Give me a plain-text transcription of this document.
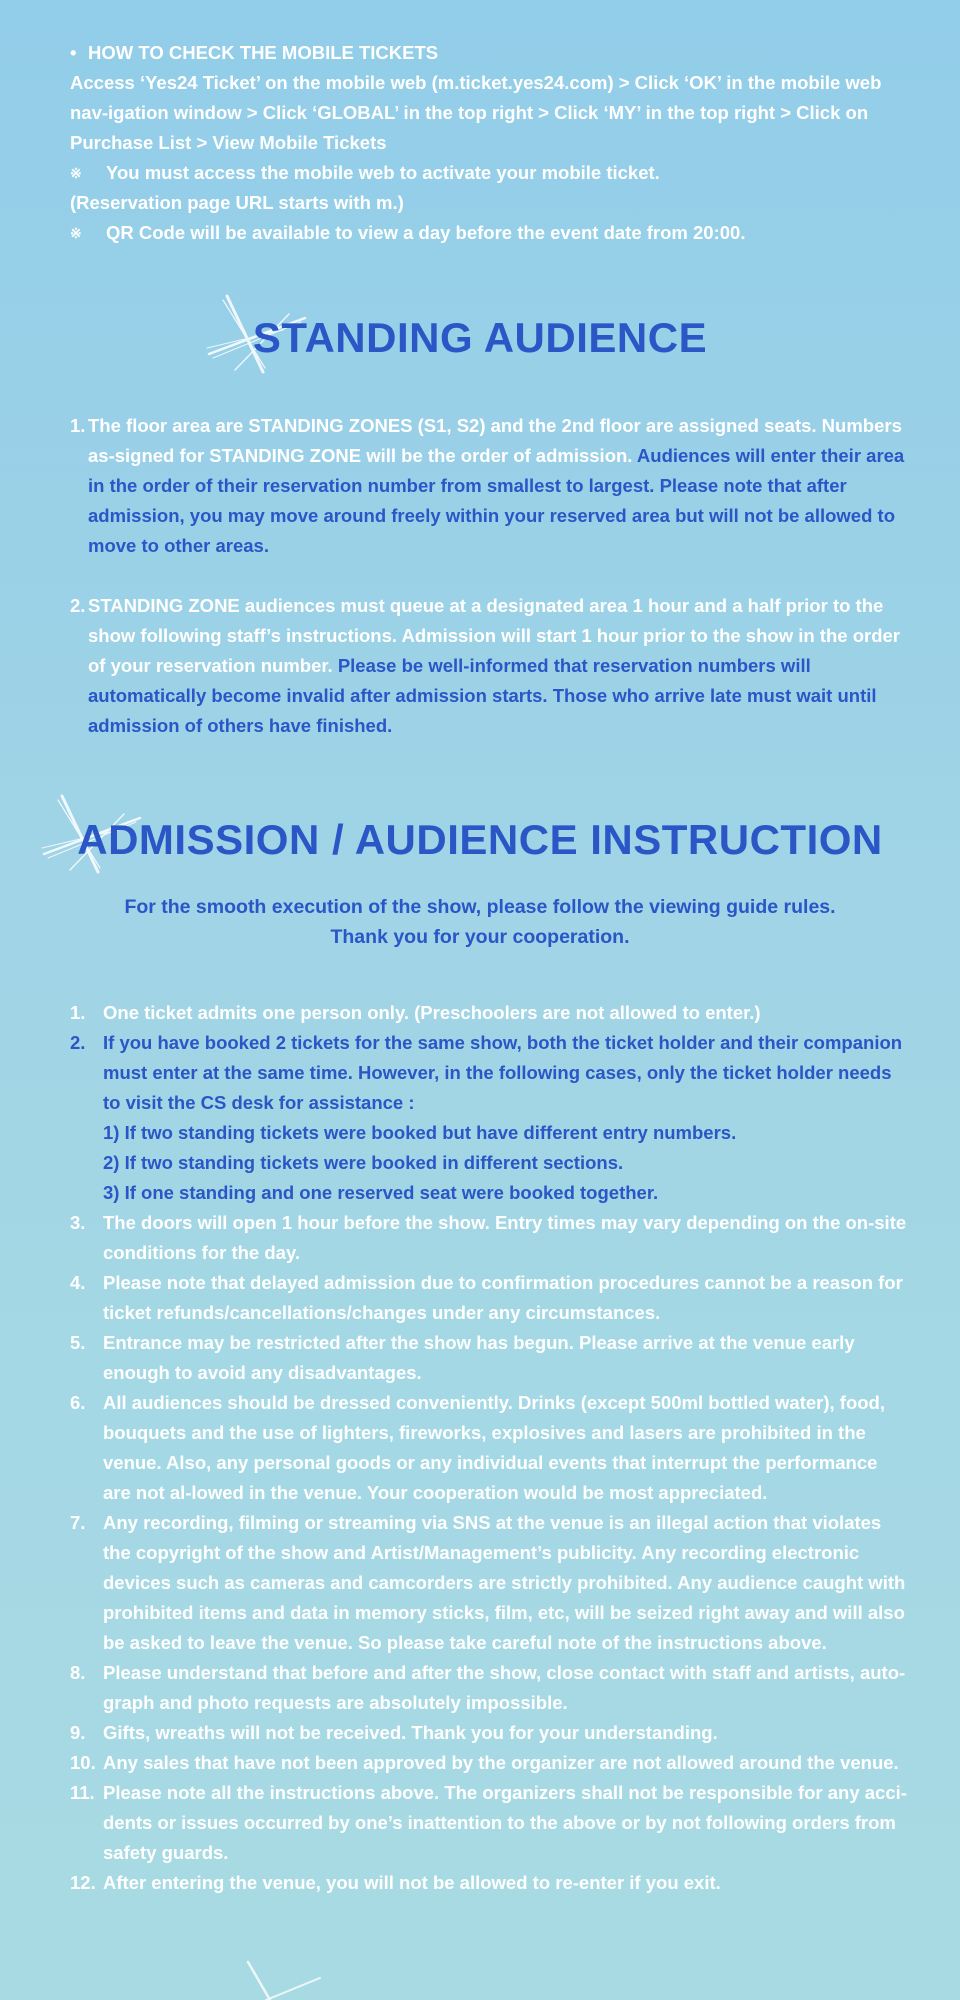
• HOW TO CHECK THE MOBILE TICKETS
Access ‘Yes24 Ticket’ on the mobile web (m.ticket.yes24.com) > Click ‘OK’ in the mobile web nav-igation window > Click ‘GLOBAL’ in the top right > Click ‘MY’ in the top right > Click on Purchase List > View Mobile Tickets
※ You must access the mobile web to activate your mobile ticket.
(Reservation page URL starts with m.)
※ QR Code will be available to view a day before the event date from 20:00.
STANDING AUDIENCE
1. The floor area are STANDING ZONES (S1, S2) and the 2nd floor are assigned seats. Numbers as-signed for STANDING ZONE will be the order of admission. Audiences will enter their area in the order of their reservation number from smallest to largest. Please note that after admission, you may move around freely within your reserved area but will not be allowed to move to other areas.
2. STANDING ZONE audiences must queue at a designated area 1 hour and a half prior to the show following staff’s instructions. Admission will start 1 hour prior to the show in the order of your reservation number. Please be well-informed that reservation numbers will automatically become invalid after admission starts. Those who arrive late must wait until admission of others have finished.
ADMISSION / AUDIENCE INSTRUCTION
For the smooth execution of the show, please follow the viewing guide rules.
Thank you for your cooperation.
1. One ticket admits one person only. (Preschoolers are not allowed to enter.)
2. If you have booked 2 tickets for the same show, both the ticket holder and their companion must enter at the same time. However, in the following cases, only the ticket holder needs to visit the CS desk for assistance :
1) If two standing tickets were booked but have different entry numbers.
2) If two standing tickets were booked in different sections.
3) If one standing and one reserved seat were booked together.
3. The doors will open 1 hour before the show. Entry times may vary depending on the on-site conditions for the day.
4. Please note that delayed admission due to confirmation procedures cannot be a reason for ticket refunds/cancellations/changes under any circumstances.
5. Entrance may be restricted after the show has begun. Please arrive at the venue early enough to avoid any disadvantages.
6. All audiences should be dressed conveniently. Drinks (except 500ml bottled water), food, bouquets and the use of lighters, fireworks, explosives and lasers are prohibited in the venue. Also, any personal goods or any individual events that interrupt the performance are not al-lowed in the venue. Your cooperation would be most appreciated.
7. Any recording, filming or streaming via SNS at the venue is an illegal action that violates the copyright of the show and Artist/Management’s publicity. Any recording electronic devices such as cameras and camcorders are strictly prohibited. Any audience caught with prohibited items and data in memory sticks, film, etc, will be seized right away and will also be asked to leave the venue. So please take careful note of the instructions above.
8. Please understand that before and after the show, close contact with staff and artists, auto-graph and photo requests are absolutely impossible.
9. Gifts, wreaths will not be received. Thank you for your understanding.
10. Any sales that have not been approved by the organizer are not allowed around the venue.
11. Please note all the instructions above. The organizers shall not be responsible for any acci-dents or issues occurred by one’s inattention to the above or by not following orders from safety guards.
12. After entering the venue, you will not be allowed to re-enter if you exit.
